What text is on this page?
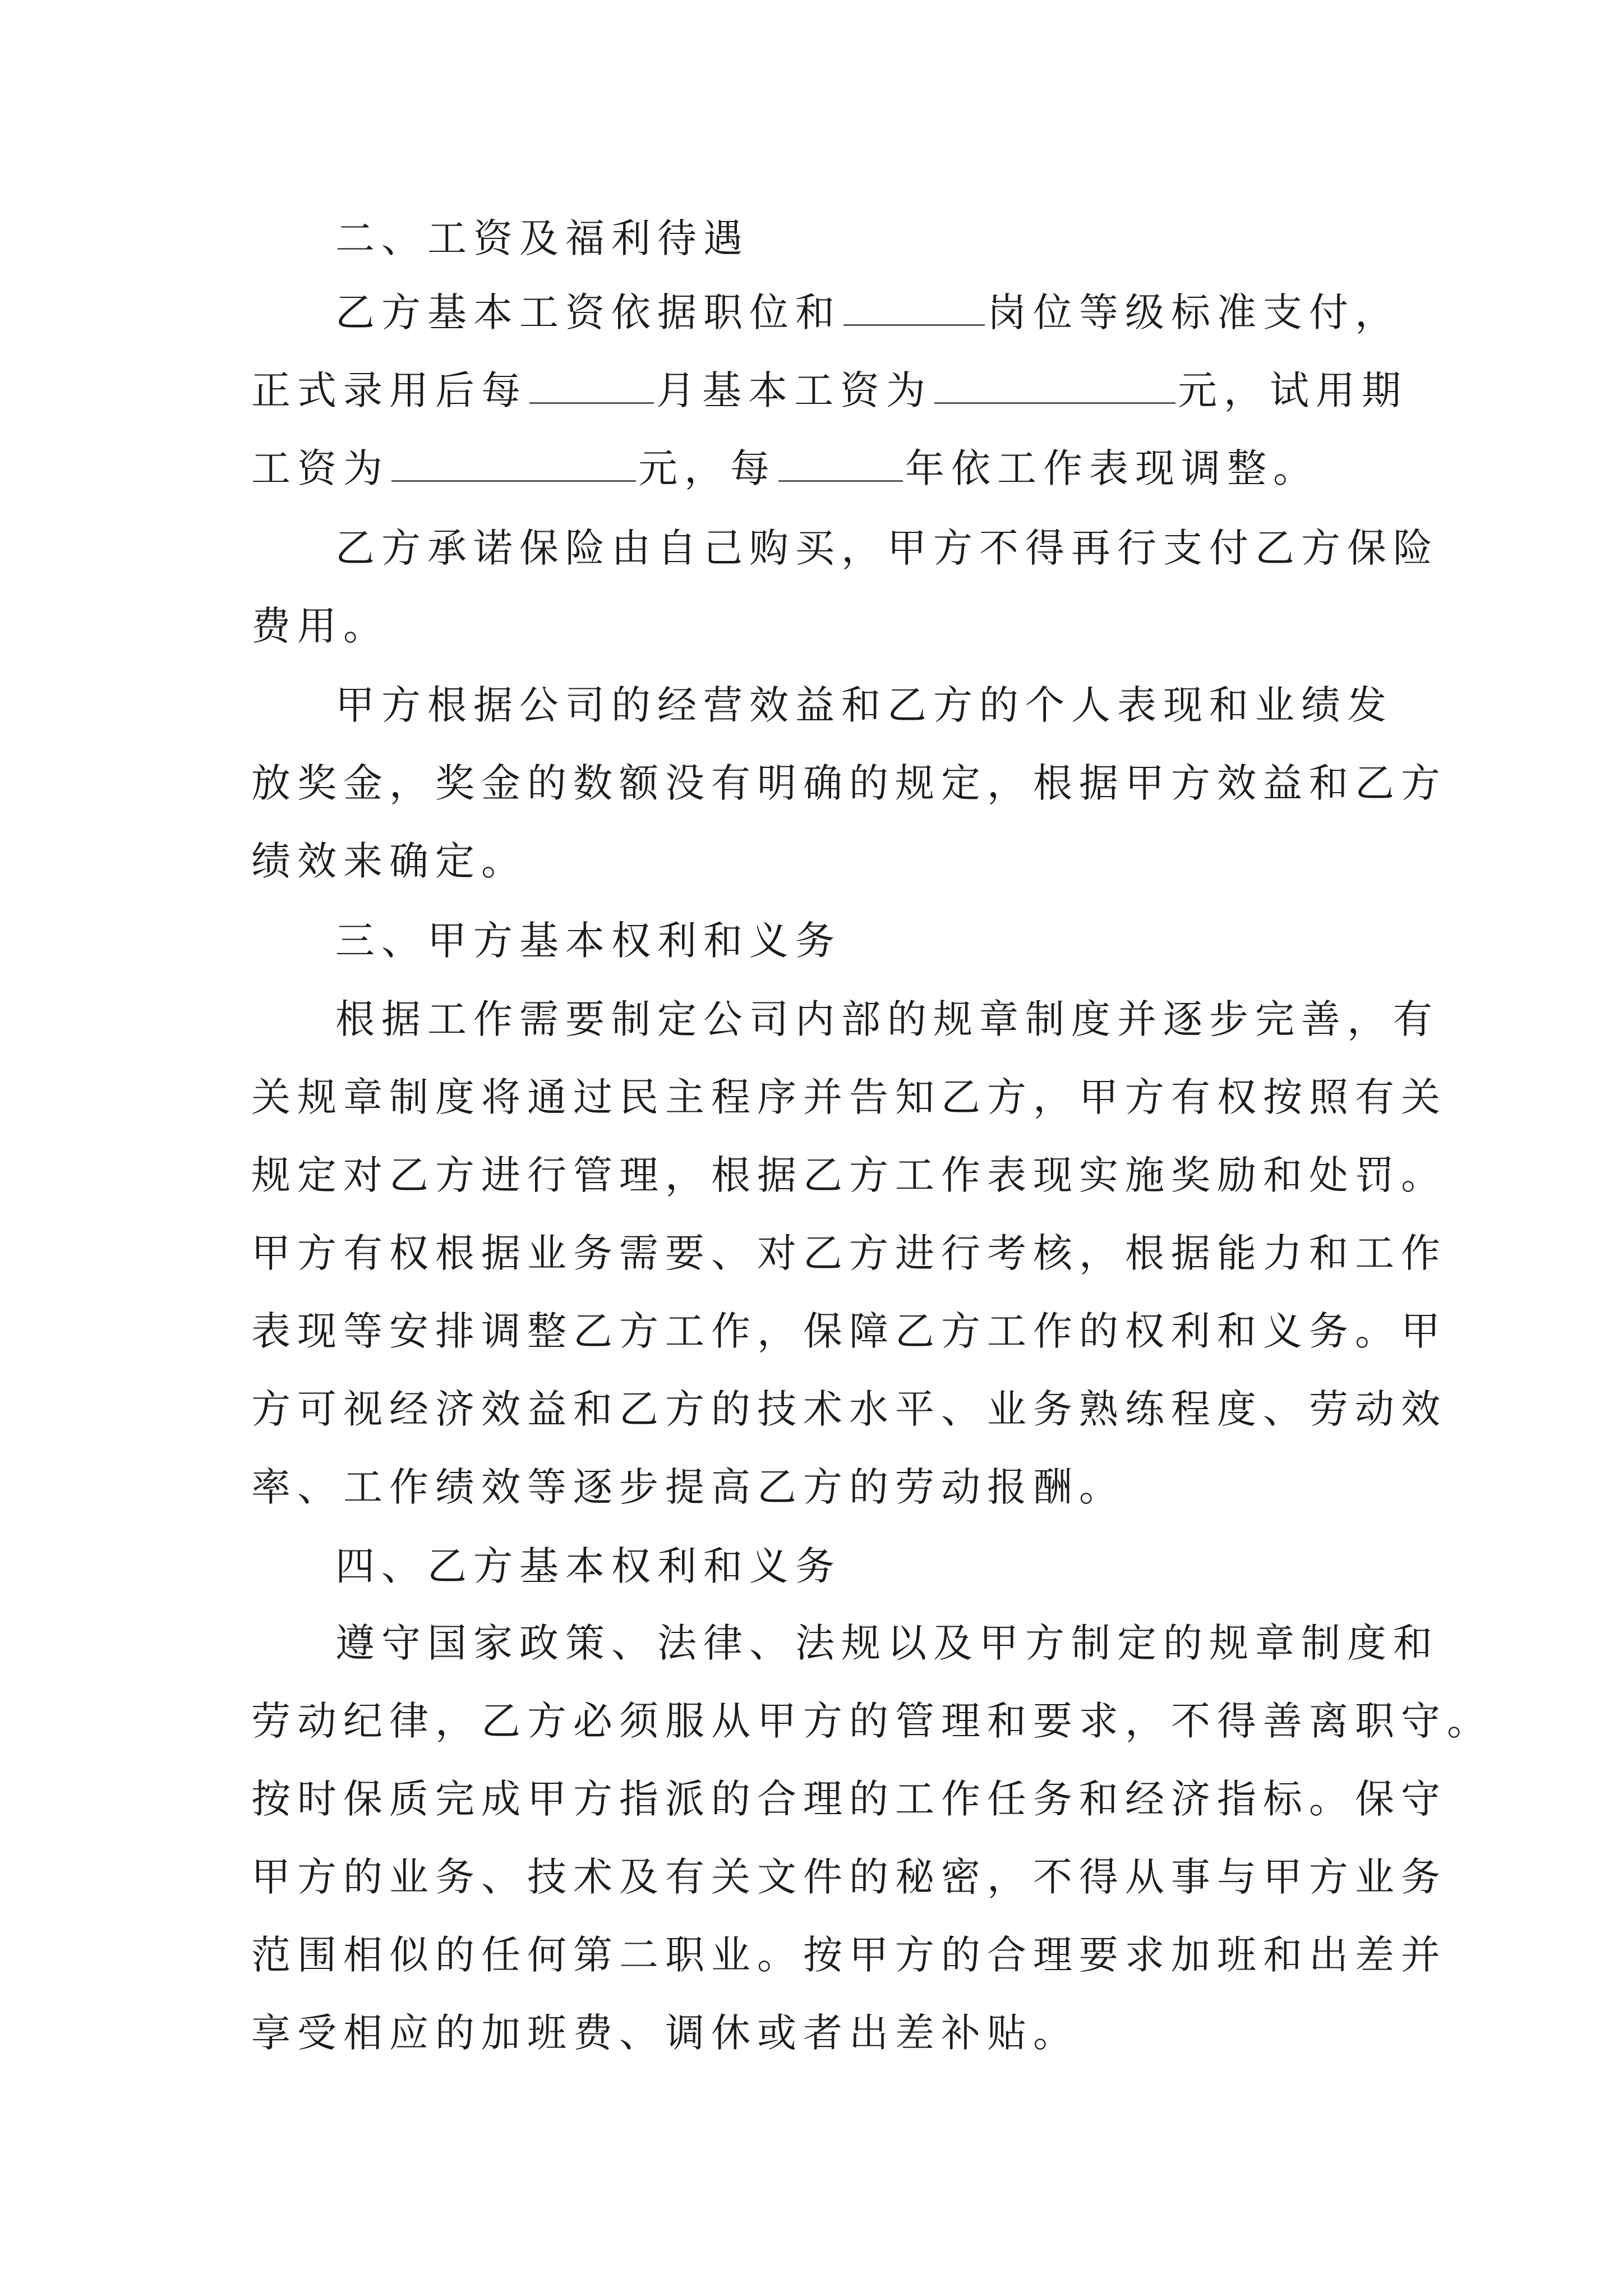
二、工资及福利待遇
乙方基本工资依据职位和	岗位等级标准支付，
正式录用后每	月基本工资为	元，试用期
工资为	元，每	年依工作表现调整。
乙方承诺保险由自己购买，甲方不得再行支付乙方保险
费用。
甲方根据公司的经营效益和乙方的个人表现和业绩发
放奖金，奖金的数额没有明确的规定，根据甲方效益和乙方
绩效来确定。
三、甲方基本权利和义务
根据工作需要制定公司内部的规章制度并逐步完善，有
关规章制度将通过民主程序并告知乙方，甲方有权按照有关
规定对乙方进行管理，根据乙方工作表现实施奖励和处罚。
甲方有权根据业务需要、对乙方进行考核，根据能力和工作
表现等安排调整乙方工作，保障乙方工作的权利和义务。甲
方可视经济效益和乙方的技术水平、业务熟练程度、劳动效
率、工作绩效等逐步提高乙方的劳动报酬。
四、乙方基本权利和义务
遵守国家政策、法律、法规以及甲方制定的规章制度和
劳动纪律，乙方必须服从甲方的管理和要求，不得善离职守。
按时保质完成甲方指派的合理的工作任务和经济指标。保守
甲方的业务、技术及有关文件的秘密，不得从事与甲方业务
范围相似的任何第二职业。按甲方的合理要求加班和出差并
享受相应的加班费、调休或者出差补贴。
